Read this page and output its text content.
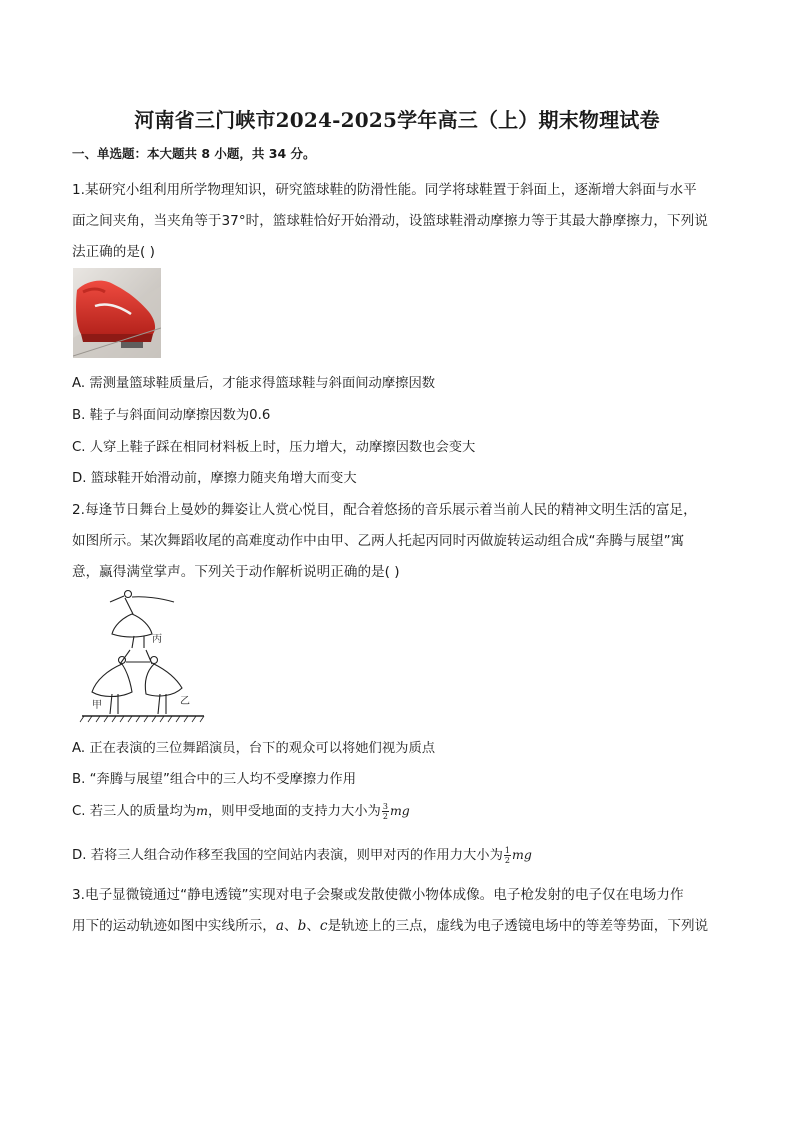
河南省三门峡市2024-2025学年高三（上）期末物理试卷
一、单选题：本大题共 8 小题，共 34 分。
1.某研究小组利用所学物理知识，研究篮球鞋的防滑性能。同学将球鞋置于斜面上，逐渐增大斜面与水平
面之间夹角，当夹角等于37°时，篮球鞋恰好开始滑动，设篮球鞋滑动摩擦力等于其最大静摩擦力，下列说
法正确的是( )
A. 需测量篮球鞋质量后，才能求得篮球鞋与斜面间动摩擦因数
B. 鞋子与斜面间动摩擦因数为0.6
C. 人穿上鞋子踩在相同材料板上时，压力增大，动摩擦因数也会变大
D. 篮球鞋开始滑动前，摩擦力随夹角增大而变大
2.每逢节日舞台上曼妙的舞姿让人赏心悦目，配合着悠扬的音乐展示着当前人民的精神文明生活的富足，
如图所示。某次舞蹈收尾的高难度动作中由甲、乙两人托起丙同时丙做旋转运动组合成“奔腾与展望”寓
意，赢得满堂掌声。下列关于动作解析说明正确的是( )
丙
甲	乙
A. 正在表演的三位舞蹈演员，台下的观众可以将她们视为质点
B. “奔腾与展望”组合中的三人均不受摩擦力作用
C. 若三人的质量均为m，则甲受地面的支持力大小为 $\frac{3}{2}$ mg
D. 若将三人组合动作移至我国的空间站内表演，则甲对丙的作用力大小为 $\frac{1}{2}$ mg
3.电子显微镜通过“静电透镜”实现对电子会聚或发散使微小物体成像。电子枪发射的电子仅在电场力作
用下的运动轨迹如图中实线所示，a、b、c是轨迹上的三点，虚线为电子透镜电场中的等差等势面，下列说
